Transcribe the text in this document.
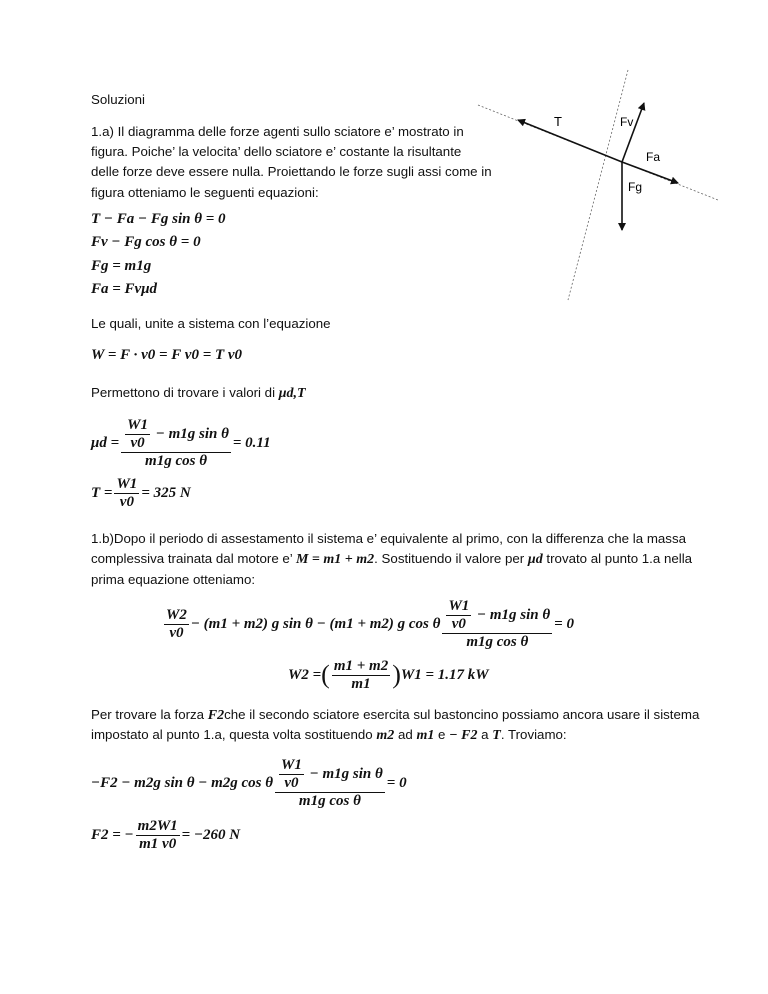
Soluzioni
1.a) Il diagramma delle forze agenti sullo sciatore e’ mostrato in
figura. Poiche’ la velocita’ dello sciatore e’ costante la risultante
delle forze deve essere nulla. Proiettando le forze sugli assi come in
figura otteniamo le seguenti equazioni:
T	Fv
Fa
Fg
T − Fa − Fg sin θ = 0
Fv − Fg cos θ = 0
Fg = m1g
Fa = Fvμd
Le quali, unite a sistema con l’equazione
W = F · v0 = F v0 = T v0
Permettono di trovare i valori di μd,T
$\mu d = \frac{\frac{W1}{v0} - m1g \sin \theta}{\text{m1g cos θ}} = 0.11$
$T = \frac{W1}{v0} = 325$ N
1.b)Dopo il periodo di assestamento il sistema e’ equivalente al primo, con la differenza che la massa
complessiva trainata dal motore e’ M = m1 + m2. Sostituendo il valore per μd trovato al punto 1.a nella
prima equazione otteniamo:
$\frac{W2}{v0} - (m1 + m2)$ g sin θ − (m1 + m2) g cos θ $\frac{\frac{W1}{v0} - m1g \sin \theta}{\text{m1g cos θ}} = 0$
W2 = ( $\frac{m1 + m2}{m1}$ ) W1 = 1.17 kW
Per trovare la forza F2che il secondo sciatore esercita sul bastoncino possiamo ancora usare il sistema
impostato al punto 1.a, questa volta sostituendo m2 ad m1 e − F2 a T. Troviamo:
−F2 − m2g sin θ − m2g cos θ $\frac{\frac{W1}{v0} - m1g \sin \theta}{\text{m1g cos θ}} = 0$
F2 = − $\frac{m2W1}{m1 v0} = -260$ N
